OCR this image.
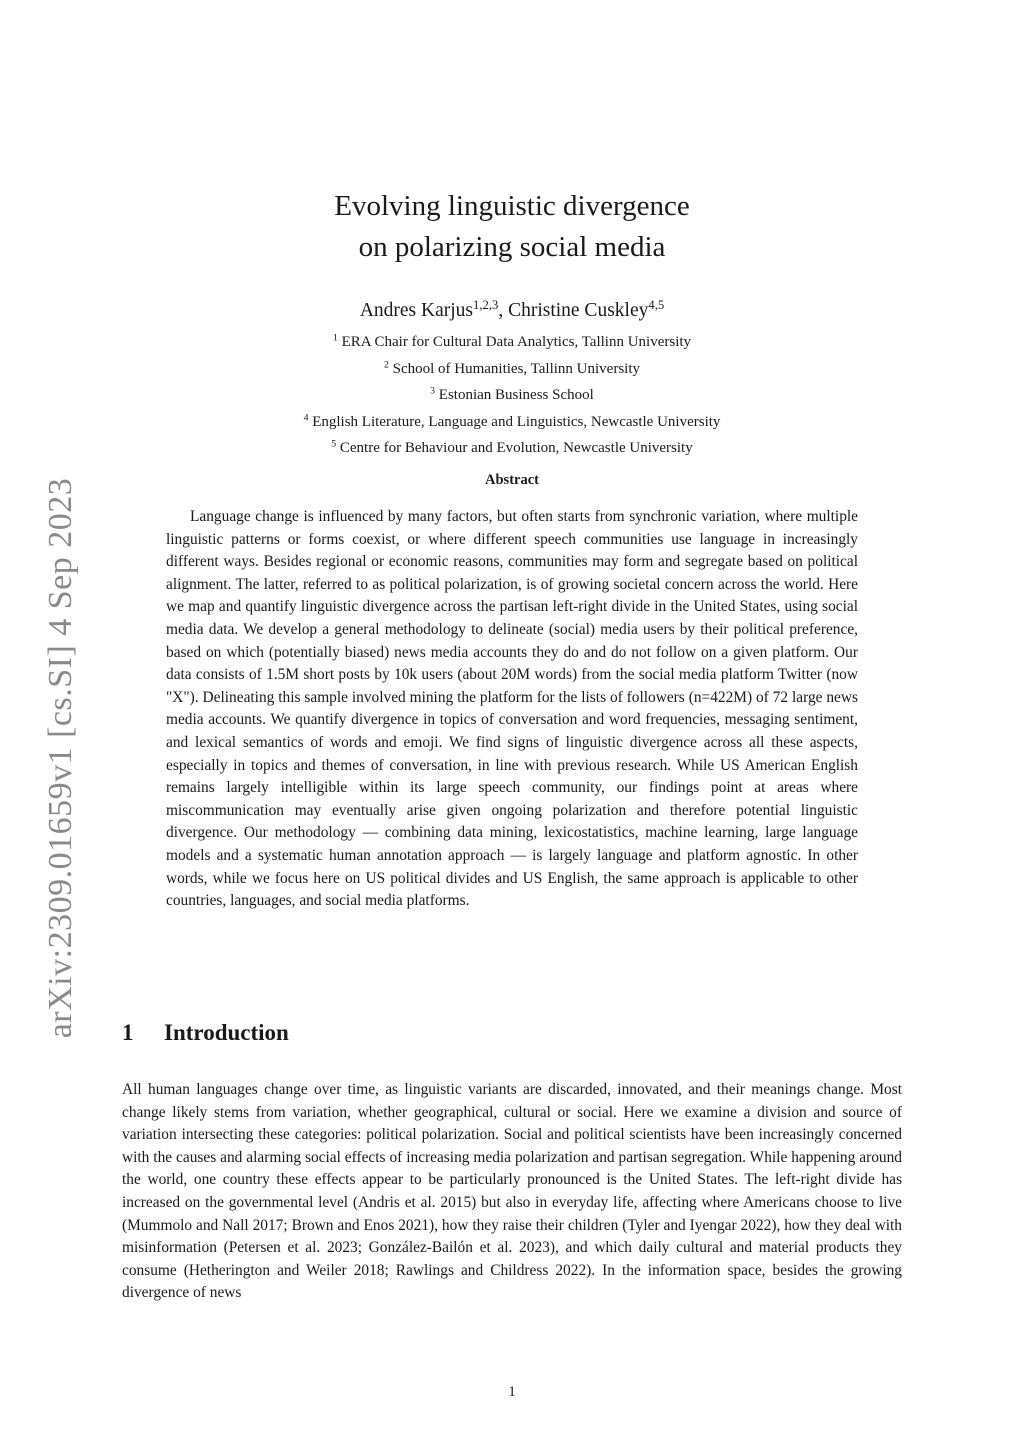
arXiv:2309.01659v1 [cs.SI] 4 Sep 2023
Evolving linguistic divergence
on polarizing social media
Andres Karjus$^{1,2,3}$, Christine Cuskley$^{4,5}$
$^1$ ERA Chair for Cultural Data Analytics, Tallinn University
$^2$ School of Humanities, Tallinn University
$^3$ Estonian Business School
$^4$ English Literature, Language and Linguistics, Newcastle University
$^5$ Centre for Behaviour and Evolution, Newcastle University
Abstract

Language change is influenced by many factors, but often starts from synchronic variation, where multiple linguistic patterns or forms coexist, or where different speech communities use language in increasingly different ways. Besides regional or economic reasons, communities may form and segregate based on political alignment. The latter, referred to as political polarization, is of growing societal concern across the world. Here we map and quantify linguistic divergence across the partisan left-right divide in the United States, using social media data. We develop a general methodology to delineate (social) media users by their political preference, based on which (potentially biased) news media accounts they do and do not follow on a given platform. Our data consists of 1.5M short posts by 10k users (about 20M words) from the social media platform Twitter (now "X"). Delineating this sample involved mining the platform for the lists of followers (n=422M) of 72 large news media accounts. We quantify divergence in topics of conversation and word frequencies, messaging sentiment, and lexical semantics of words and emoji. We find signs of linguistic divergence across all these aspects, especially in topics and themes of conversation, in line with previous research. While US American English remains largely intelligible within its large speech community, our findings point at areas where miscommunication may eventually arise given ongoing polarization and therefore potential linguistic divergence. Our methodology — combining data mining, lexicostatistics, machine learning, large language models and a systematic human annotation approach — is largely language and platform agnostic. In other words, while we focus here on US political divides and US English, the same approach is applicable to other countries, languages, and social media platforms.

1 Introduction

All human languages change over time, as linguistic variants are discarded, innovated, and their meanings change. Most change likely stems from variation, whether geographical, cultural or social. Here we examine a division and source of variation intersecting these categories: political polarization. Social and political scientists have been increasingly concerned with the causes and alarming social effects of increasing media polarization and partisan segregation. While happening around the world, one country these effects appear to be particularly pronounced is the United States. The left-right divide has increased on the governmental level (Andris et al. 2015) but also in everyday life, affecting where Americans choose to live (Mummolo and Nall 2017; Brown and Enos 2021), how they raise their children (Tyler and Iyengar 2022), how they deal with misinformation (Petersen et al. 2023; González-Bailón et al. 2023), and which daily cultural and material products they consume (Hetherington and Weiler 2018; Rawlings and Childress 2022). In the information space, besides the growing divergence of news

1
